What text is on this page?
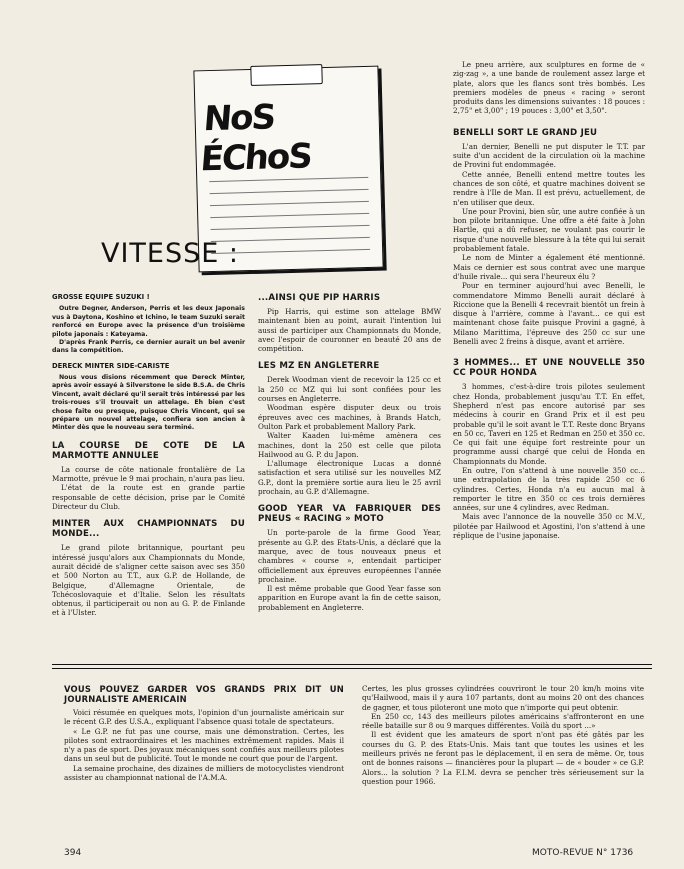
NoS ÉChoS
VITESSE :
GROSSE EQUIPE SUZUKI !

Outre Degner, Anderson, Perris et les deux Japonais vus à Daytona, Koshino et Ichino, le team Suzuki serait renforcé en Europe avec la présence d'un troisième pilote japonais : Kateyama.

D'après Frank Perris, ce dernier aurait un bel avenir dans la compétition.

DERECK MINTER SIDE-CARISTE

Nous vous disions récemment que Dereck Minter, après avoir essayé à Silverstone le side B.S.A. de Chris Vincent, avait déclaré qu'il serait très intéressé par les trois-roues s'il trouvait un attelage. Eh bien c'est chose faite ou presque, puisque Chris Vincent, qui se prépare un nouvel attelage, confiera son ancien à Minter dès que le nouveau sera terminé.

LA COURSE DE COTE DE LA MARMOTTE ANNULEE

La course de côte nationale frontalière de La Marmotte, prévue le 9 mai prochain, n'aura pas lieu.

L'état de la route est en grande partie responsable de cette décision, prise par le Comité Directeur du Club.

MINTER AUX CHAMPIONNATS DU MONDE...

Le grand pilote britannique, pourtant peu intéressé jusqu'alors aux Championnats du Monde, aurait décidé de s'aligner cette saison avec ses 350 et 500 Norton au T.T., aux G.P. de Hollande, de Belgique, d'Allemagne Orientale, de Tchécoslovaquie et d'Italie. Selon les résultats obtenus, il participerait ou non au G. P. de Finlande et à l'Ulster.

...AINSI QUE PIP HARRIS

Pip Harris, qui estime son attelage BMW maintenant bien au point, aurait l'intention lui aussi de participer aux Championnats du Monde, avec l'espoir de couronner en beauté 20 ans de compétition.

LES MZ EN ANGLETERRE

Derek Woodman vient de recevoir la 125 cc et la 250 cc MZ qui lui sont confiées pour les courses en Angleterre.

Woodman espère disputer deux ou trois épreuves avec ces machines, à Brands Hatch, Oulton Park et probablement Mallory Park.

Walter Kaaden lui-même amènera ces machines, dont la 250 est celle que pilota Hailwood au G. P. du Japon.

L'allumage électronique Lucas a donné satisfaction et sera utilisé sur les nouvelles MZ G.P., dont la première sortie aura lieu le 25 avril prochain, au G.P. d'Allemagne.

GOOD YEAR VA FABRIQUER DES PNEUS « RACING » MOTO

Un porte-parole de la firme Good Year, présente au G.P. des Etats-Unis, a déclaré que la marque, avec de tous nouveaux pneus et chambres « course », entendait participer officiellement aux épreuves européennes l'année prochaine.

Il est même probable que Good Year fasse son apparition en Europe avant la fin de cette saison, probablement en Angleterre.

Le pneu arrière, aux sculptures en forme de « zig-zag », a une bande de roulement assez large et plate, alors que les flancs sont très bombés. Les premiers modèles de pneus « racing » seront produits dans les dimensions suivantes : 18 pouces : 2,75" et 3,00" ; 19 pouces : 3,00" et 3,50".

BENELLI SORT LE GRAND JEU

L'an dernier, Benelli ne put disputer le T.T. par suite d'un accident de la circulation où la machine de Provini fut endommagée.

Cette année, Benelli entend mettre toutes les chances de son côté, et quatre machines doivent se rendre à l'Ile de Man. Il est prévu, actuellement, de n'en utiliser que deux.

Une pour Provini, bien sûr, une autre confiée à un bon pilote britannique. Une offre a été faite à John Hartle, qui a dû refuser, ne voulant pas courir le risque d'une nouvelle blessure à la tête qui lui serait probablement fatale.

Le nom de Minter a également été mentionné. Mais ce dernier est sous contrat avec une marque d'huile rivale... qui sera l'heureux élu ?

Pour en terminer aujourd'hui avec Benelli, le commendatore Mimmo Benelli aurait déclaré à Riccione que la Benelli 4 recevrait bientôt un frein à disque à l'arrière, comme à l'avant... ce qui est maintenant chose faite puisque Provini a gagné, à Milano Marittima, l'épreuve des 250 cc sur une Benelli avec 2 freins à disque, avant et arrière.

3 HOMMES... ET UNE NOUVELLE 350 CC POUR HONDA

3 hommes, c'est-à-dire trois pilotes seulement chez Honda, probablement jusqu'au T.T. En effet, Shepherd n'est pas encore autorisé par ses médecins à courir en Grand Prix et il est peu probable qu'il le soit avant le T.T. Reste donc Bryans en 50 cc, Taveri en 125 et Redman en 250 et 350 cc. Ce qui fait une équipe fort restreinte pour un programme aussi chargé que celui de Honda en Championnats du Monde.

En outre, l'on s'attend à une nouvelle 350 cc... une extrapolation de la très rapide 250 cc 6 cylindres. Certes, Honda n'a eu aucun mal à remporter le titre en 350 cc ces trois dernières années, sur une 4 cylindres, avec Redman.

Mais avec l'annonce de la nouvelle 350 cc M.V., pilotée par Hailwood et Agostini, l'on s'attend à une réplique de l'usine japonaise.

VOUS POUVEZ GARDER VOS GRANDS PRIX DIT UN JOURNALISTE AMERICAIN

Voici résumée en quelques mots, l'opinion d'un journaliste américain sur le récent G.P. des U.S.A., expliquant l'absence quasi totale de spectateurs.

« Le G.P. ne fut pas une course, mais une démonstration. Certes, les pilotes sont extraordinaires et les machines extrêmement rapides. Mais il n'y a pas de sport. Des joyaux mécaniques sont confiés aux meilleurs pilotes dans un seul but de publicité. Tout le monde ne court que pour de l'argent.

La semaine prochaine, des dizaines de milliers de motocyclistes viendront assister au championnat national de l'A.M.A.

Certes, les plus grosses cylindrées couvriront le tour 20 km/h moins vite qu'Hailwood, mais il y aura 107 partants, dont au moins 20 ont des chances de gagner, et tous piloteront une moto que n'importe qui peut obtenir.

En 250 cc, 143 des meilleurs pilotes américains s'affronteront en une réelle bataille sur 8 ou 9 marques différentes. Voilà du sport ...»

Il est évident que les amateurs de sport n'ont pas été gâtés par les courses du G. P. des Etats-Unis. Mais tant que toutes les usines et les meilleurs privés ne feront pas le déplacement, il en sera de même. Or, tous ont de bonnes raisons — financières pour la plupart — de « bouder » ce G.P. Alors... la solution ? La F.I.M. devra se pencher très sérieusement sur la question pour 1966.

394	MOTO-REVUE N° 1736
